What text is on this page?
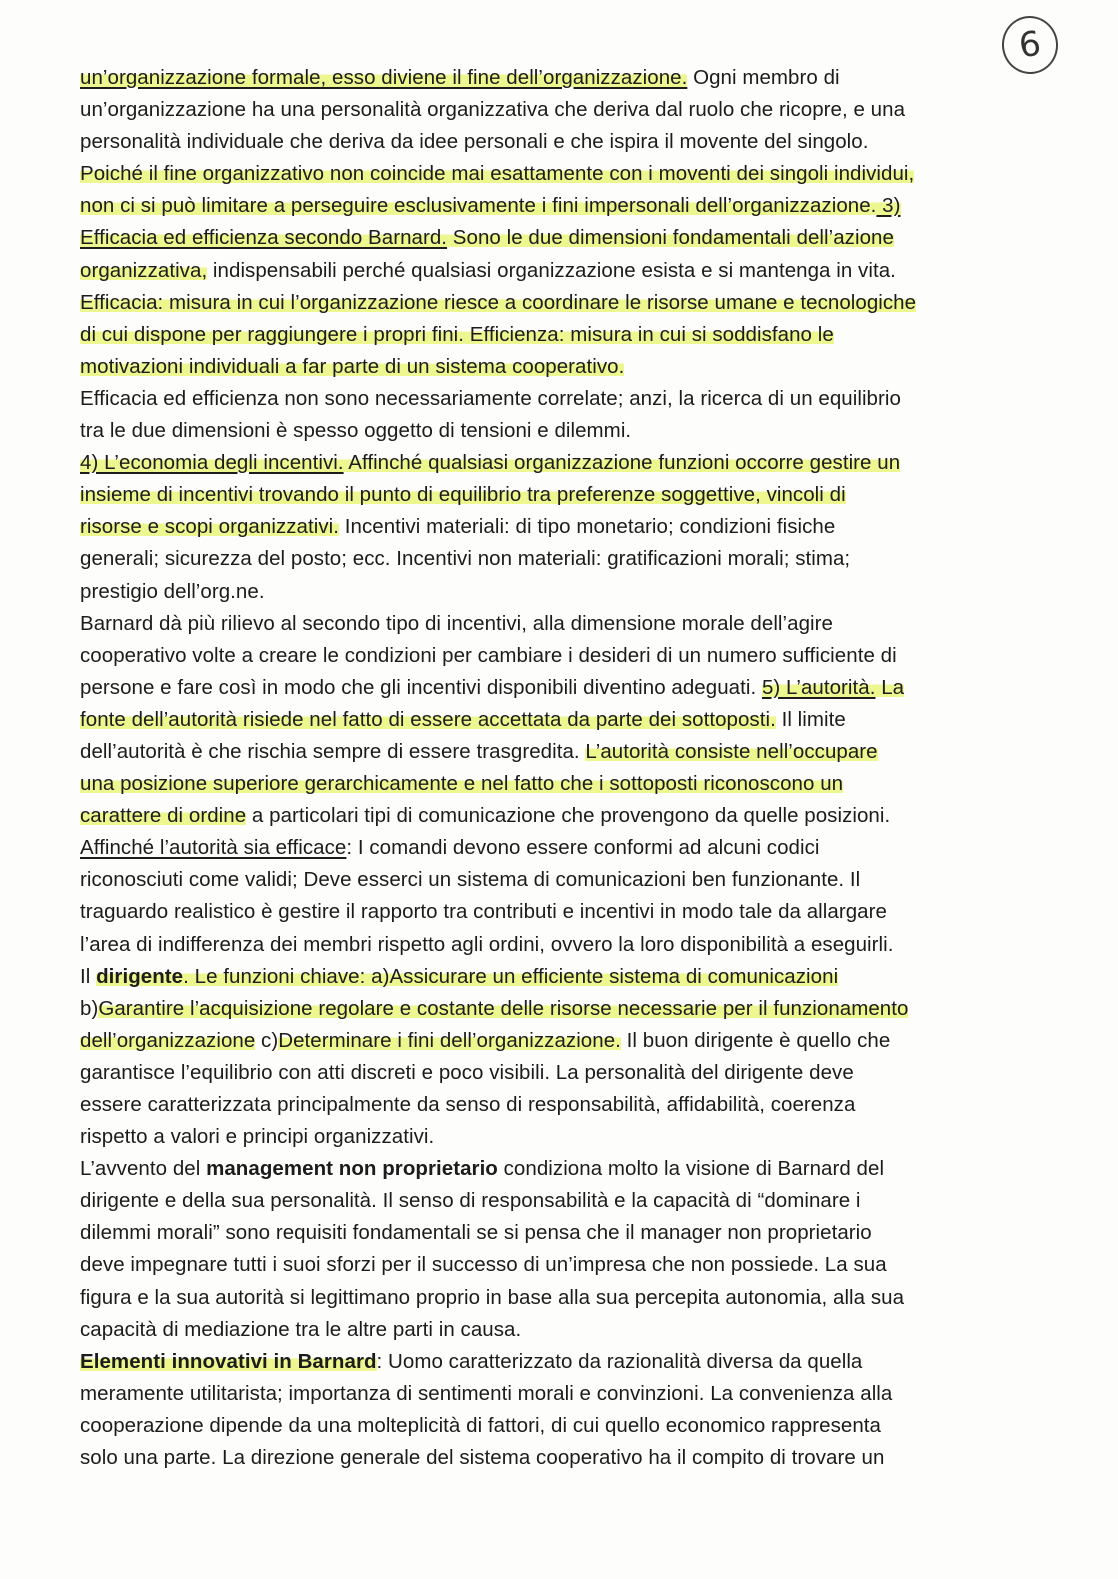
6
un’organizzazione formale, esso diviene il fine dell’organizzazione. Ogni membro di
un’organizzazione ha una personalità organizzativa che deriva dal ruolo che ricopre, e una
personalità individuale che deriva da idee personali e che ispira il movente del singolo.
Poiché il fine organizzativo non coincide mai esattamente con i moventi dei singoli individui,
non ci si può limitare a perseguire esclusivamente i fini impersonali dell’organizzazione. 3)
Efficacia ed efficienza secondo Barnard. Sono le due dimensioni fondamentali dell’azione
organizzativa, indispensabili perché qualsiasi organizzazione esista e si mantenga in vita.
Efficacia: misura in cui l’organizzazione riesce a coordinare le risorse umane e tecnologiche
di cui dispone per raggiungere i propri fini. Efficienza: misura in cui si soddisfano le
motivazioni individuali a far parte di un sistema cooperativo.
Efficacia ed efficienza non sono necessariamente correlate; anzi, la ricerca di un equilibrio
tra le due dimensioni è spesso oggetto di tensioni e dilemmi.
4) L’economia degli incentivi. Affinché qualsiasi organizzazione funzioni occorre gestire un
insieme di incentivi trovando il punto di equilibrio tra preferenze soggettive, vincoli di
risorse e scopi organizzativi. Incentivi materiali: di tipo monetario; condizioni fisiche
generali; sicurezza del posto; ecc. Incentivi non materiali: gratificazioni morali; stima;
prestigio dell’org.ne.
Barnard dà più rilievo al secondo tipo di incentivi, alla dimensione morale dell’agire
cooperativo volte a creare le condizioni per cambiare i desideri di un numero sufficiente di
persone e fare così in modo che gli incentivi disponibili diventino adeguati. 5) L’autorità. La
fonte dell’autorità risiede nel fatto di essere accettata da parte dei sottoposti. Il limite
dell’autorità è che rischia sempre di essere trasgredita. L’autorità consiste nell’occupare
una posizione superiore gerarchicamente e nel fatto che i sottoposti riconoscono un
carattere di ordine a particolari tipi di comunicazione che provengono da quelle posizioni.
Affinché l’autorità sia efficace: I comandi devono essere conformi ad alcuni codici
riconosciuti come validi; Deve esserci un sistema di comunicazioni ben funzionante. Il
traguardo realistico è gestire il rapporto tra contributi e incentivi in modo tale da allargare
l’area di indifferenza dei membri rispetto agli ordini, ovvero la loro disponibilità a eseguirli.
Il dirigente. Le funzioni chiave: a)Assicurare un efficiente sistema di comunicazioni
b)Garantire l’acquisizione regolare e costante delle risorse necessarie per il funzionamento
dell’organizzazione c)Determinare i fini dell’organizzazione. Il buon dirigente è quello che
garantisce l’equilibrio con atti discreti e poco visibili. La personalità del dirigente deve
essere caratterizzata principalmente da senso di responsabilità, affidabilità, coerenza
rispetto a valori e principi organizzativi.
L’avvento del management non proprietario condiziona molto la visione di Barnard del
dirigente e della sua personalità. Il senso di responsabilità e la capacità di “dominare i
dilemmi morali” sono requisiti fondamentali se si pensa che il manager non proprietario
deve impegnare tutti i suoi sforzi per il successo di un’impresa che non possiede. La sua
figura e la sua autorità si legittimano proprio in base alla sua percepita autonomia, alla sua
capacità di mediazione tra le altre parti in causa.
Elementi innovativi in Barnard: Uomo caratterizzato da razionalità diversa da quella
meramente utilitarista; importanza di sentimenti morali e convinzioni. La convenienza alla
cooperazione dipende da una molteplicità di fattori, di cui quello economico rappresenta
solo una parte. La direzione generale del sistema cooperativo ha il compito di trovare un
